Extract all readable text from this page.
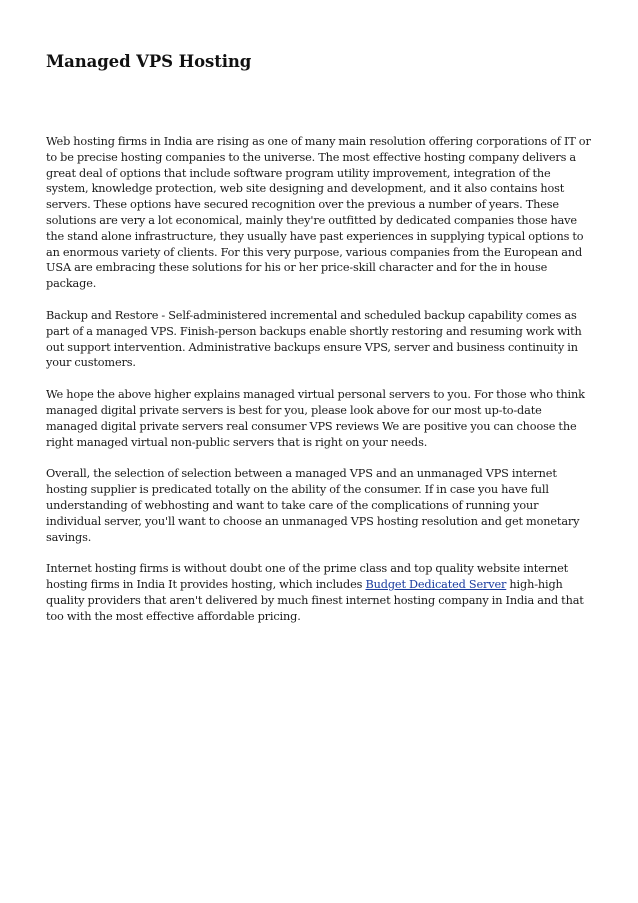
Managed VPS Hosting

Web hosting firms in India are rising as one of many main resolution offering corporations of IT or to be precise hosting companies to the universe. The most effective hosting company delivers a great deal of options that include software program utility improvement, integration of the system, knowledge protection, web site designing and development, and it also contains host servers. These options have secured recognition over the previous a number of years. These solutions are very a lot economical, mainly they're outfitted by dedicated companies those have the stand alone infrastructure, they usually have past experiences in supplying typical options to an enormous variety of clients. For this very purpose, various companies from the European and USA are embracing these solutions for his or her price-skill character and for the in house package.

Backup and Restore - Self-administered incremental and scheduled backup capability comes as part of a managed VPS. Finish-person backups enable shortly restoring and resuming work with out support intervention. Administrative backups ensure VPS, server and business continuity in your customers.

We hope the above higher explains managed virtual personal servers to you. For those who think managed digital private servers is best for you, please look above for our most up-to-date managed digital private servers real consumer VPS reviews We are positive you can choose the right managed virtual non-public servers that is right on your needs.

Overall, the selection of selection between a managed VPS and an unmanaged VPS internet hosting supplier is predicated totally on the ability of the consumer. If in case you have full understanding of webhosting and want to take care of the complications of running your individual server, you'll want to choose an unmanaged VPS hosting resolution and get monetary savings.

Internet hosting firms is without doubt one of the prime class and top quality website internet hosting firms in India It provides hosting, which includes Budget Dedicated Server high-high quality providers that aren't delivered by much finest internet hosting company in India and that too with the most effective affordable pricing.
